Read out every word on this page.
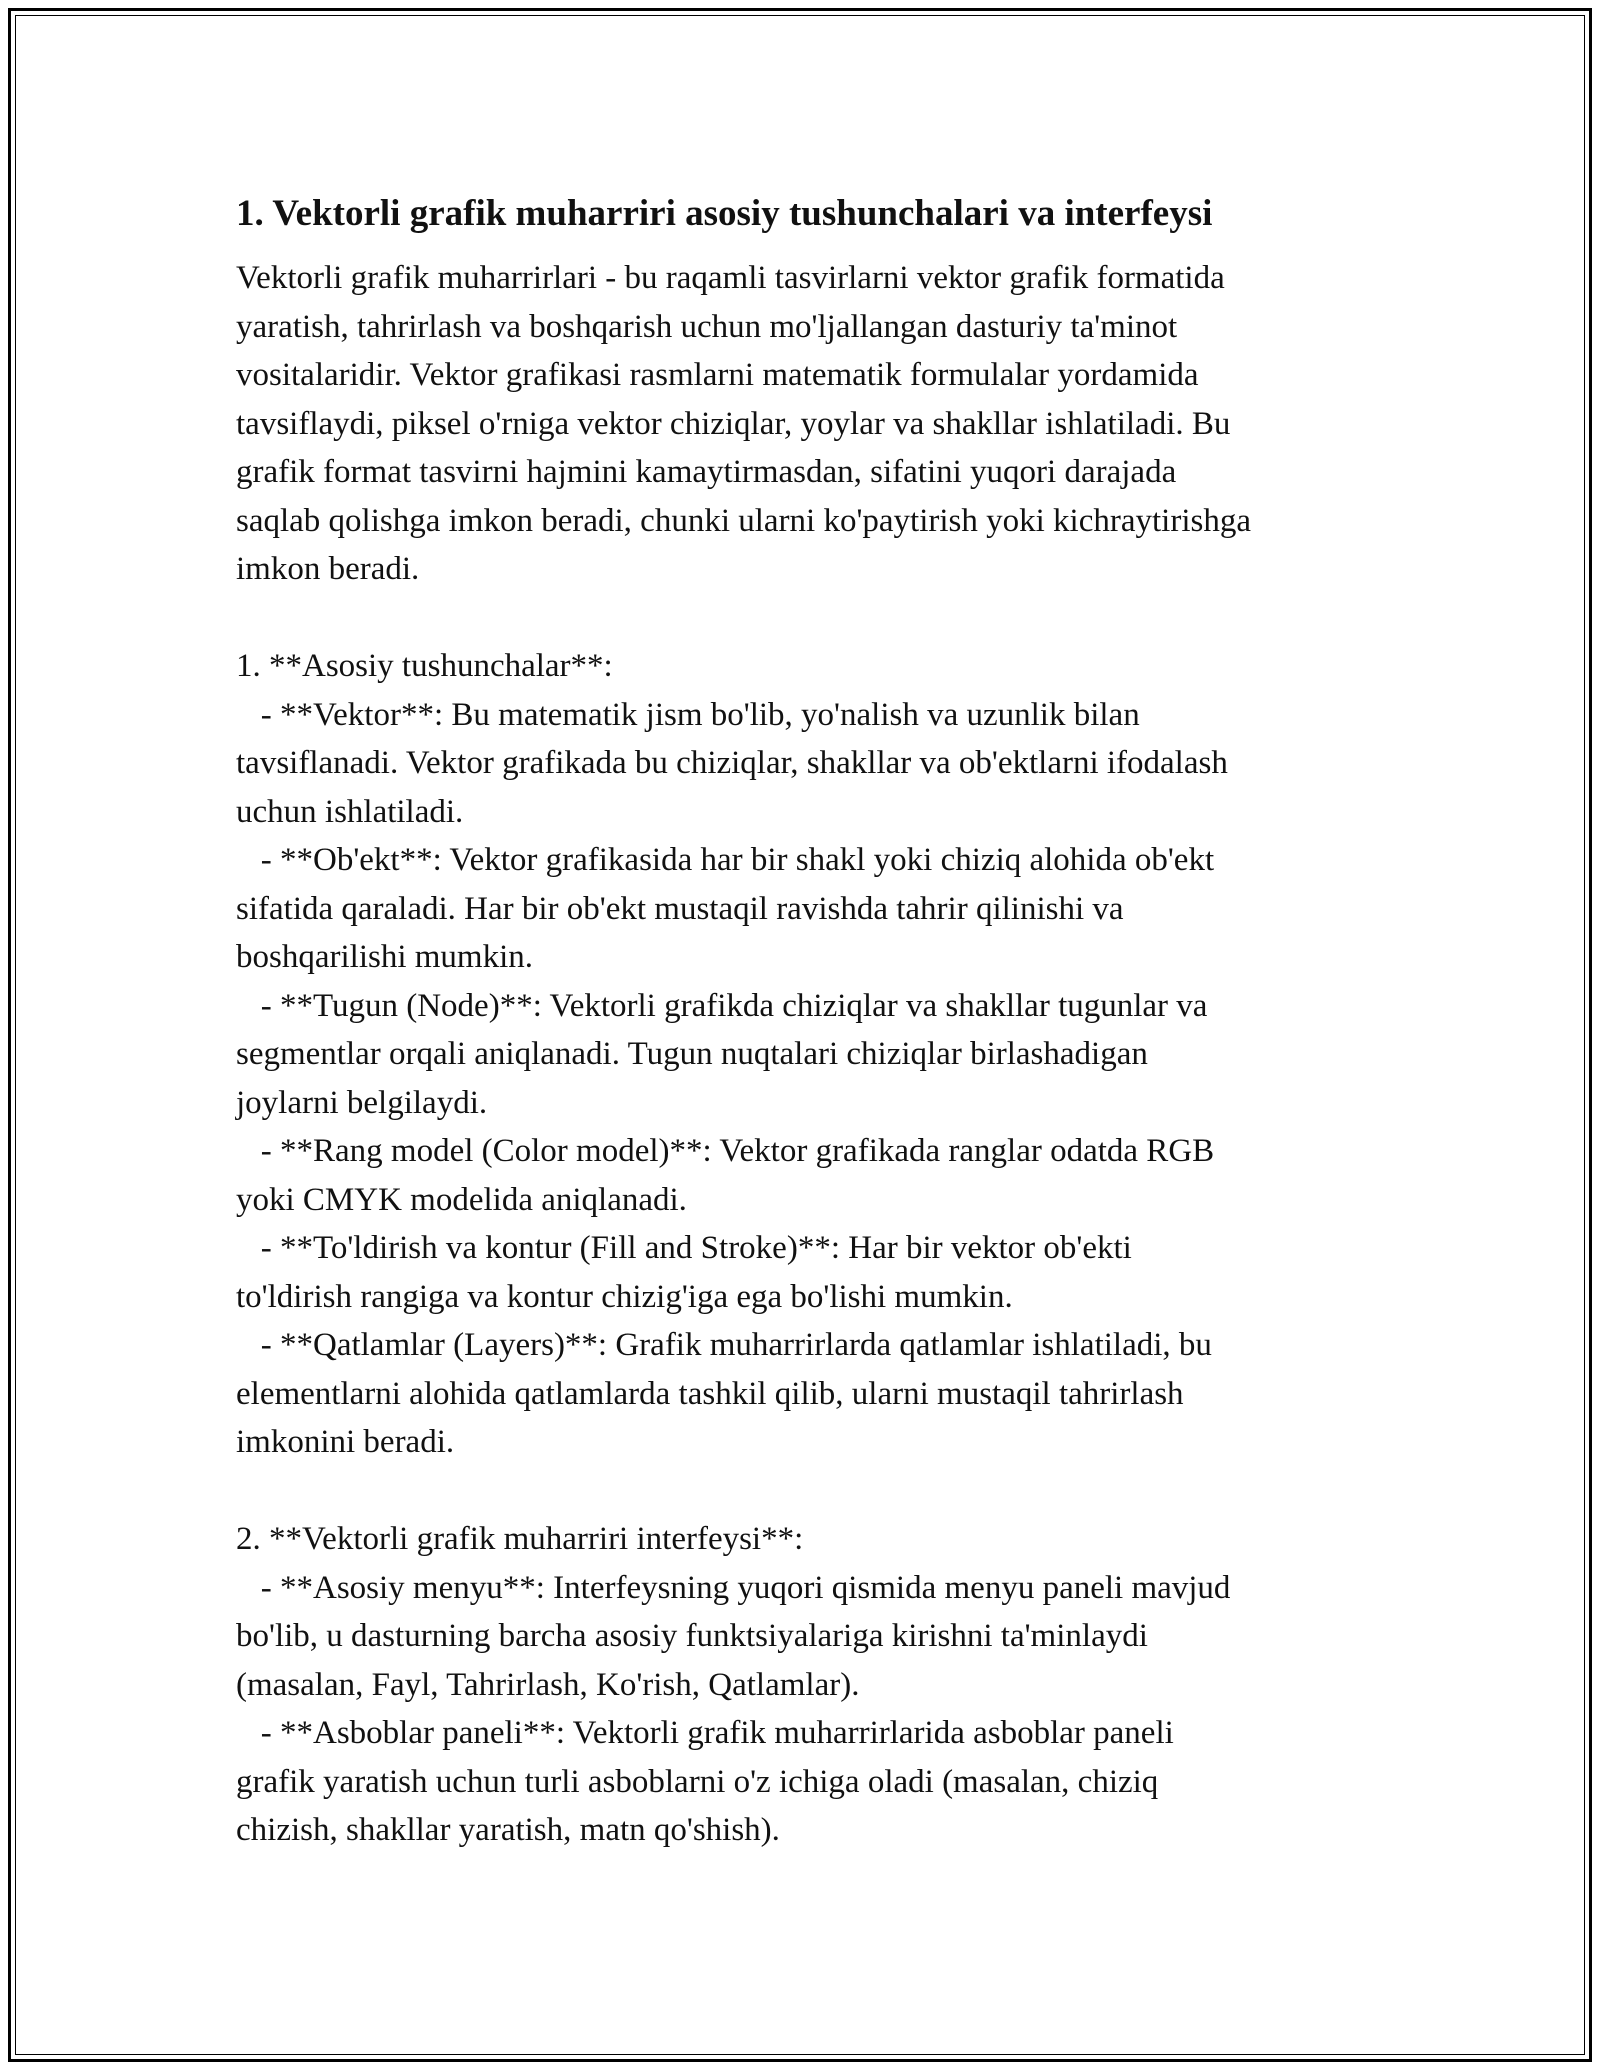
1. Vektorli grafik muharriri asosiy tushunchalari va interfeysi
Vektorli grafik muharrirlari - bu raqamli tasvirlarni vektor grafik formatida
yaratish, tahrirlash va boshqarish uchun mo'ljallangan dasturiy ta'minot
vositalaridir. Vektor grafikasi rasmlarni matematik formulalar yordamida
tavsiflaydi, piksel o'rniga vektor chiziqlar, yoylar va shakllar ishlatiladi. Bu
grafik format tasvirni hajmini kamaytirmasdan, sifatini yuqori darajada
saqlab qolishga imkon beradi, chunki ularni ko'paytirish yoki kichraytirishga
imkon beradi.
1. **Asosiy tushunchalar**:
- **Vektor**: Bu matematik jism bo'lib, yo'nalish va uzunlik bilan
tavsiflanadi. Vektor grafikada bu chiziqlar, shakllar va ob'ektlarni ifodalash
uchun ishlatiladi.
- **Ob'ekt**: Vektor grafikasida har bir shakl yoki chiziq alohida ob'ekt
sifatida qaraladi. Har bir ob'ekt mustaqil ravishda tahrir qilinishi va
boshqarilishi mumkin.
- **Tugun (Node)**: Vektorli grafikda chiziqlar va shakllar tugunlar va
segmentlar orqali aniqlanadi. Tugun nuqtalari chiziqlar birlashadigan
joylarni belgilaydi.
- **Rang model (Color model)**: Vektor grafikada ranglar odatda RGB
yoki CMYK modelida aniqlanadi.
- **To'ldirish va kontur (Fill and Stroke)**: Har bir vektor ob'ekti
to'ldirish rangiga va kontur chizig'iga ega bo'lishi mumkin.
- **Qatlamlar (Layers)**: Grafik muharrirlarda qatlamlar ishlatiladi, bu
elementlarni alohida qatlamlarda tashkil qilib, ularni mustaqil tahrirlash
imkonini beradi.
2. **Vektorli grafik muharriri interfeysi**:
- **Asosiy menyu**: Interfeysning yuqori qismida menyu paneli mavjud
bo'lib, u dasturning barcha asosiy funktsiyalariga kirishni ta'minlaydi
(masalan, Fayl, Tahrirlash, Ko'rish, Qatlamlar).
- **Asboblar paneli**: Vektorli grafik muharrirlarida asboblar paneli
grafik yaratish uchun turli asboblarni o'z ichiga oladi (masalan, chiziq
chizish, shakllar yaratish, matn qo'shish).
